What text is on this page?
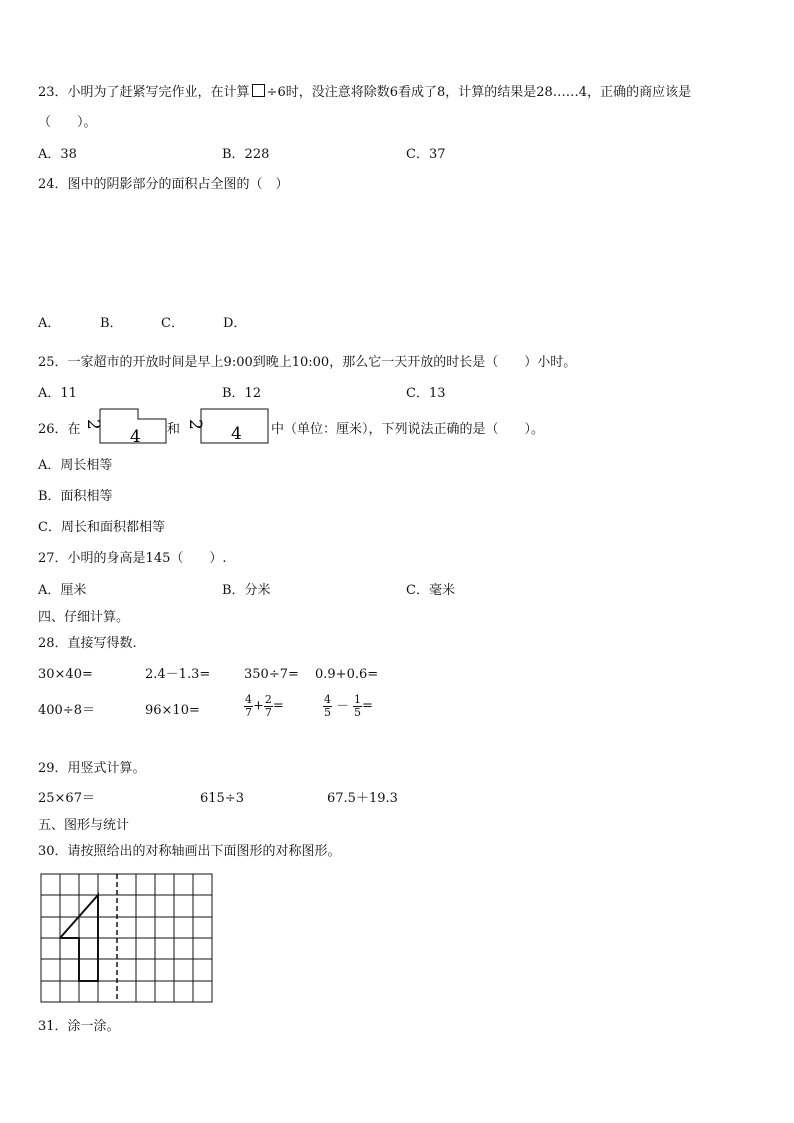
23．小明为了赶紧写完作业，在计算 ÷6时，没注意将除数6看成了8，计算的结果是28……4，正确的商应该是
（　　）。
A．38	B．228	C．37
24．图中的阴影部分的面积占全图的（　）
A．	B．	C．	D．
25．一家超市的开放时间是早上9:00到晚上10:00，那么它一天开放的时长是（　　）小时。
A．11	B．12	C．13
26．在 2
4 和 2 4 中（单位：厘米），下列说法正确的是（　　）。
A．周长相等
B．面积相等
C．周长和面积都相等
27．小明的身高是145（　　）.
A．厘米	B．分米	C．毫米
四、仔细计算。
28．直接写得数.
30×40=	2.4－1.3=	350÷7= 0.9+0.6=
400÷8＝	96×10=	$\frac{4}{7} + \frac{2}{7}$ =	$\frac{4}{5} - \frac{1}{5}$ =
29．用竖式计算。
25×67＝	615÷3	67.5＋19.3
五、图形与统计
30．请按照给出的对称轴画出下面图形的对称图形。
31．涂一涂。
